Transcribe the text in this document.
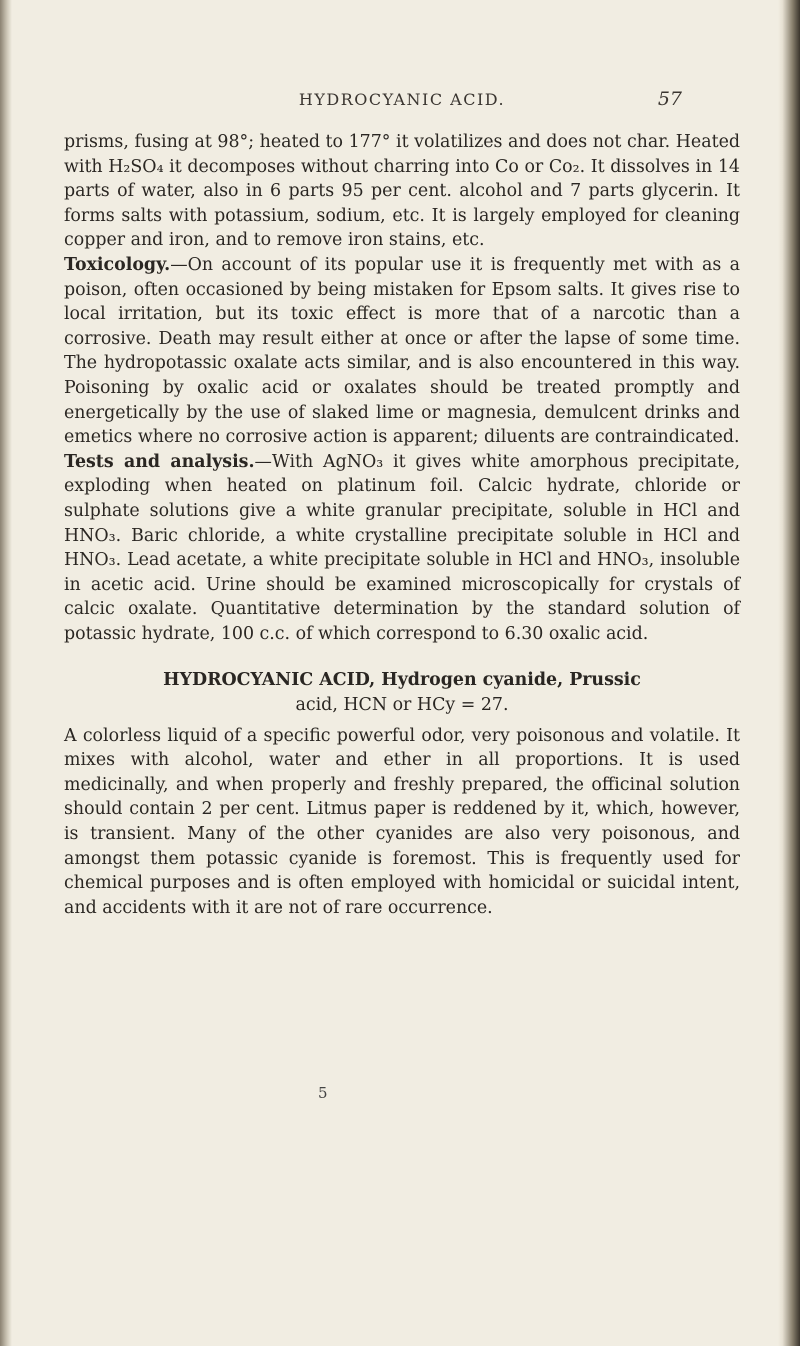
HYDROCYANIC ACID.	57

prisms, fusing at 98°; heated to 177° it volatilizes and does not char. Heated with H₂SO₄ it decomposes without charring into Co or Co₂. It dissolves in 14 parts of water, also in 6 parts 95 per cent. alcohol and 7 parts glycerin. It forms salts with potassium, sodium, etc. It is largely employed for cleaning copper and iron, and to remove iron stains, etc.

Toxicology.—On account of its popular use it is frequently met with as a poison, often occasioned by being mistaken for Epsom salts. It gives rise to local irritation, but its toxic effect is more that of a narcotic than a corrosive. Death may result either at once or after the lapse of some time. The hydropotassic oxalate acts similar, and is also encountered in this way. Poisoning by oxalic acid or oxalates should be treated promptly and energetically by the use of slaked lime or magnesia, demulcent drinks and emetics where no corrosive action is apparent; diluents are contraindicated.

Tests and analysis.—With AgNO₃ it gives white amorphous precipitate, exploding when heated on platinum foil. Calcic hydrate, chloride or sulphate solutions give a white granular precipitate, soluble in HCl and HNO₃. Baric chloride, a white crystalline precipitate soluble in HCl and HNO₃. Lead acetate, a white precipitate soluble in HCl and HNO₃, insoluble in acetic acid. Urine should be examined microscopically for crystals of calcic oxalate. Quantitative determination by the standard solution of potassic hydrate, 100 c.c. of which correspond to 6.30 oxalic acid.

HYDROCYANIC ACID, Hydrogen cyanide, Prussic
acid, HCN or HCy = 27.

A colorless liquid of a specific powerful odor, very poisonous and volatile. It mixes with alcohol, water and ether in all proportions. It is used medicinally, and when properly and freshly prepared, the officinal solution should contain 2 per cent. Litmus paper is reddened by it, which, however, is transient. Many of the other cyanides are also very poisonous, and amongst them potassic cyanide is foremost. This is frequently used for chemical purposes and is often employed with homicidal or suicidal intent, and accidents with it are not of rare occurrence.

5
